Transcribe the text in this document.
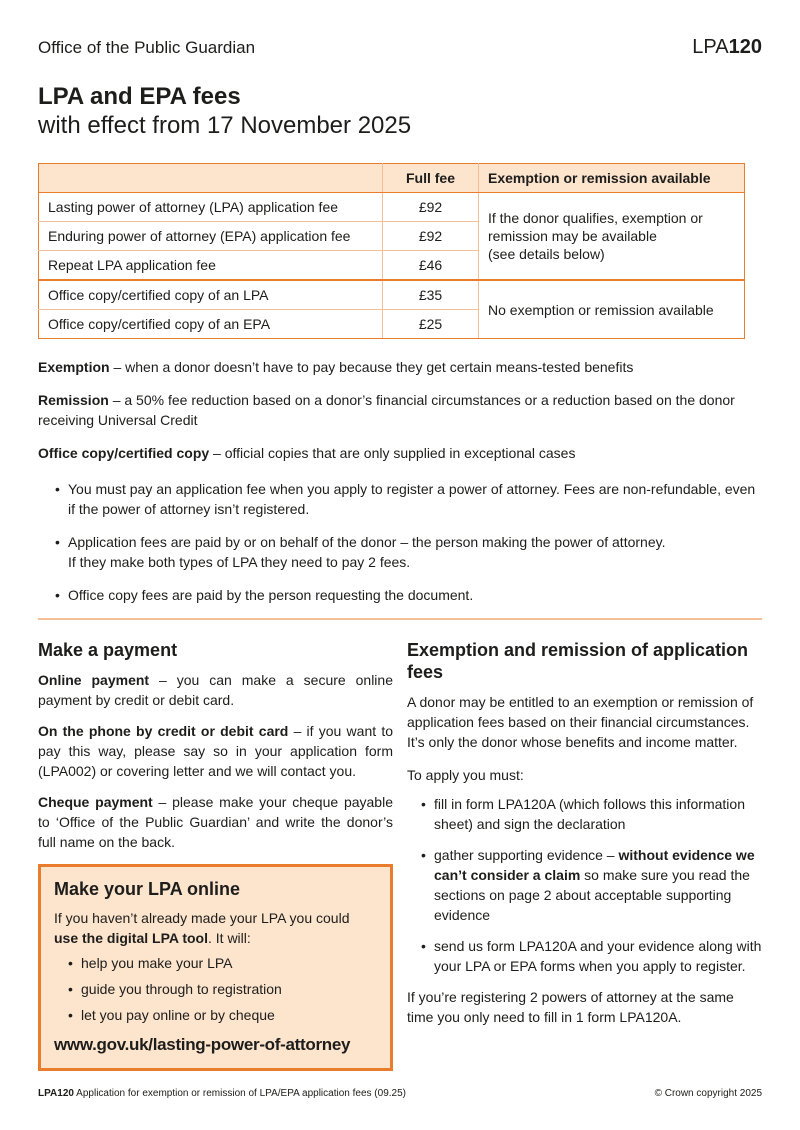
Office of the Public Guardian	LPA120
LPA and EPA fees
with effect from 17 November 2025
	Full fee	Exemption or remission available
Lasting power of attorney (LPA) application fee	£92	If the donor qualifies, exemption or remission may be available
(see details below)

Enduring power of attorney (EPA) application fee	£92	
Repeat LPA application fee	£46	
Office copy/certified copy of an LPA	£35	No exemption or remission available
Office copy/certified copy of an EPA	£25	

Exemption – when a donor doesn’t have to pay because they get certain means-tested benefits

Remission – a 50% fee reduction based on a donor’s financial circumstances or a reduction based on the donor receiving Universal Credit

Office copy/certified copy – official copies that are only supplied in exceptional cases

• You must pay an application fee when you apply to register a power of attorney. Fees are non-refundable, even if the power of attorney isn’t registered.
• Application fees are paid by or on behalf of the donor – the person making the power of attorney.
If they make both types of LPA they need to pay 2 fees.
• Office copy fees are paid by the person requesting the document.
Make a payment

Online payment – you can make a secure online payment by credit or debit card.

On the phone by credit or debit card – if you want to pay this way, please say so in your application form (LPA002) or covering letter and we will contact you.

Cheque payment – please make your cheque payable to ‘Office of the Public Guardian’ and write the donor’s full name on the back.

Make your LPA online

If you haven’t already made your LPA you could use the digital LPA tool. It will:

• help you make your LPA
• guide you through to registration
• let you pay online or by cheque
www.gov.uk/lasting-power-of-attorney
Exemption and remission of application fees

A donor may be entitled to an exemption or remission of application fees based on their financial circumstances. It’s only the donor whose benefits and income matter.

To apply you must:

• fill in form LPA120A (which follows this information sheet) and sign the declaration
• gather supporting evidence – without evidence we can’t consider a claim so make sure you read the sections on page 2 about acceptable supporting evidence
• send us form LPA120A and your evidence along with your LPA or EPA forms when you apply to register.

If you’re registering 2 powers of attorney at the same time you only need to fill in 1 form LPA120A.

LPA120 Application for exemption or remission of LPA/EPA application fees (09.25)	© Crown copyright 2025
